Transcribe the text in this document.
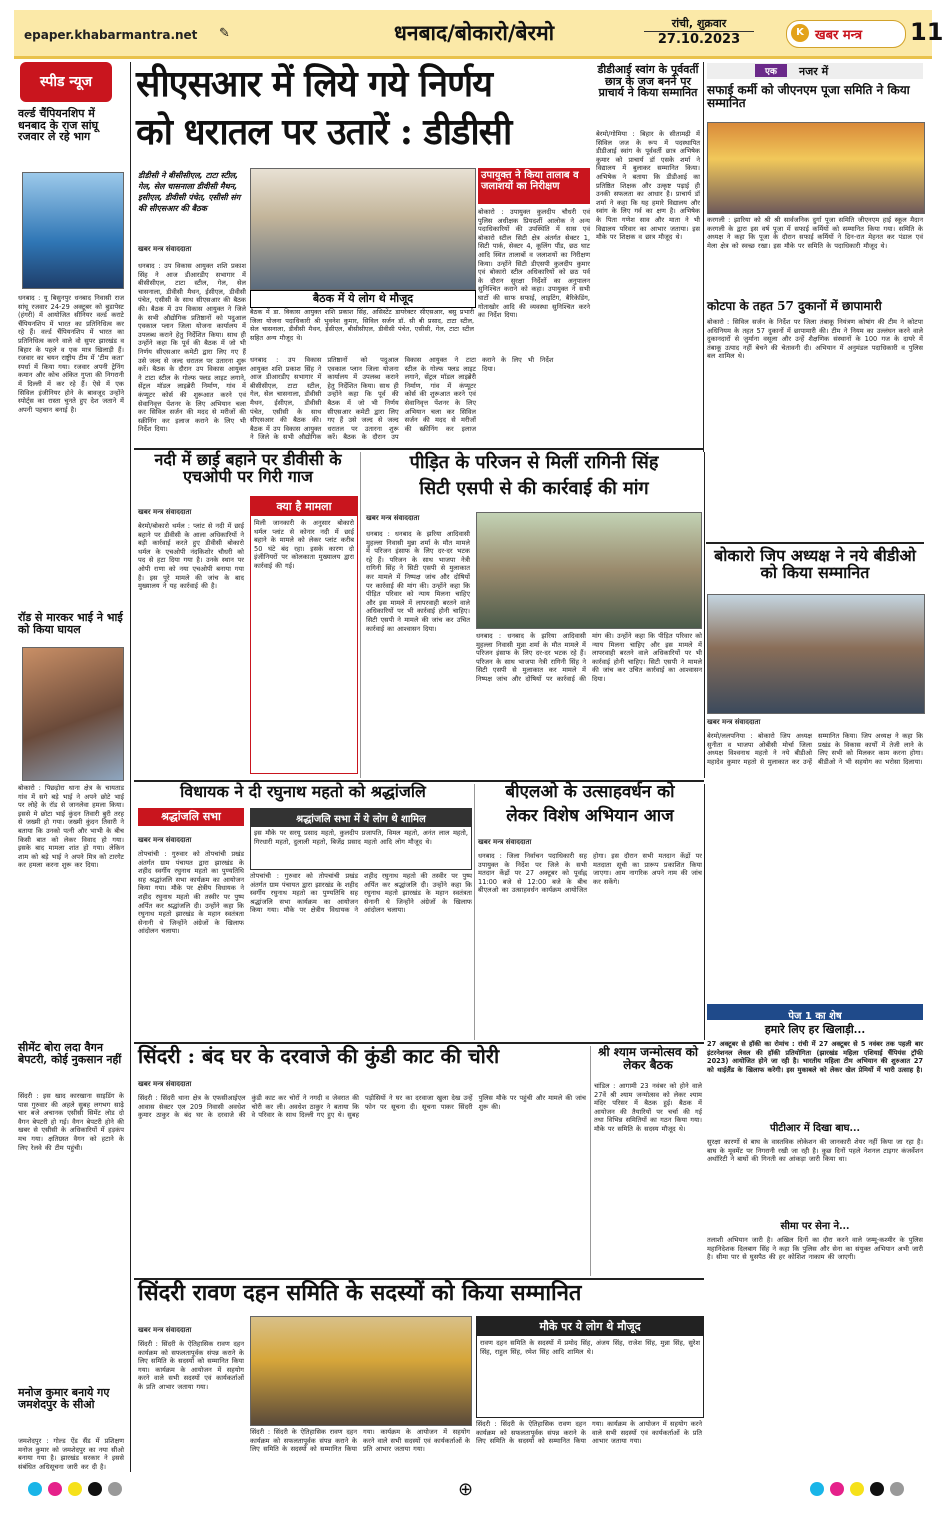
epaper.khabarmantra.net ✎	धनबाद/बोकारो/बेरमो	रांची, शुक्रवार
27.10.2023	K खबर मन्त्र 11
स्पीड न्यूज
वर्ल्ड चैंपियनशिप में धनबाद के राज सांघू रजवार ले रहे भाग
धनबाद : यू बिसुनपुर धनबाद निवासी राज सांघू रजवार 24-29 अक्टूबर को बुडापेस्ट (हंगरी) में आयोजित सीनियर वर्ल्ड कराटे चैंपियनशिप में भारत का प्रतिनिधित्व कर रहे हैं। वर्ल्ड चैंपियनशिप में भारत का प्रतिनिधित्व करने वाले वो सुपर झारखंड व बिहार के पहले व एक मात्र खिलाड़ी हैं। रजवार का चयन राष्ट्रीय टीम में 'टीम कता' स्पर्धा में किया गया। रजवार अपनी ट्रेनिंग कमान और कोच अंकित गुप्ता की निगरानी में दिल्ली में कर रहे हैं। ऐसे में एक सिविल इंजीनियर होने के बावजूद उन्होंने स्पोर्ट्स का रास्ता चुनते हुए देश जताने में अपनी पहचान बनाई है।
रॉड से मारकर भाई ने भाई को किया घायल
बोकारो : पिछड़ोरा थाना क्षेत्र के चायताड गांव में सगे बड़े भाई ने अपने छोटे भाई पर लोहे के रॉड से जानलेवा हमला किया। इससे मे छोटा भाई कुंदन तिवारी बुरी तरह से जख्मी हो गया। जख्मी कुंदन तिवारी ने बताया कि उनको पत्नी और भाभी के बीच किसी बात को लेकर विवाद हो गया। इसके बाद मामला शांत हो गया। लेकिन शाम को बड़े भाई ने अपने मित्र को टारगेट कर हमला करना शुरू कर दिया।
सीमेंट बोरा लदा वैगन बेपटरी, कोई नुकसान नहीं
सिंदरी : इस खाद कारखाना साइडिंग के पास गुरुवार की अहले सुबह लगभग साढ़े चार बजे अचानक एसीसी सिमेंट लोड दो वैगन बेपटरी हो गई। वैगन बेपटरी होने की खबर से एसीसी के अधिकारियों में हड़कंप मच गया। क्षतिग्रस्त वैगन को हटाने के लिए रेलवे की टीम पहुंची।
मनोज कुमार बनाये गए जमशेदपुर के सीओ
जमशेदपुर : गोल्ड ऐंड सैंड में प्रशिक्षण मनोज कुमार को जमशेदपुर का नया सीओ बनाया गया है। झारखंड सरकार ने इससे संबंधित अधिसूचना जारी कर दी है।
सीएसआर में लिये गये निर्णय
को धरातल पर उतारें : डीडीसी
डीडीसी ने बीसीसीएल, टाटा स्टील, गेल, सेल चासनाला डीवीसी मैथन, इसीएल, डीवीसी पंचेत, एसीसी संग की सीएसआर की बैठक
खबर मन्त्र संवाददाता
बैठक में ये लोग थे मौजूद
बैठक में डा. विकास आयुक्त शशि प्रकाश सिंह, असिस्टेंट डायरेक्टर सीएसआर, बसु प्रभारी जिला योजना पदाधिकारी श्री भुवनेश कुमार, सिविल सर्जन डॉ. सी बी प्रसाद, टाटा स्टील, सेल चासनाला, डीवीसी मैथन, ईसीएल, बीसीसीएल, डीवीसी पंचेत, एसीसी, गेल, टाटा स्टील सहित अन्य मौजूद थे।
धनबाद : उप विकास आयुक्त शशि प्रकाश सिंह ने आज डीआरडीए सभागार में बीसीसीएल, टाटा स्टील, गेल, सेल चासनाला, डीवीसी मैथन, ईसीएल, डीवीसी पंचेत, एसीसी के साथ सीएसआर की बैठक की। बैठक में उप विकास आयुक्त ने जिले के सभी औद्योगिक प्रतिष्ठानों को पदुआल एवकाल प्लान जिला योजना कार्यालय में उपलब्ध कराने हेतु निर्देशित किया। साथ ही उन्होंने कहा कि पूर्व की बैठक में जो भी निर्णय सीएसआर कमेटी द्वारा लिए गए हैं उसे जल्द से जल्द धरातल पर उतारना शुरू करें। बैठक के दौरान उप विकास आयुक्त ने टाटा स्टील के गोल्फ फ्लड लाइट लगाने, सेंट्रल मॉडल लाइब्रेरी निर्माण, गांव में कंप्यूटर कोर्स की शुरूआत करने एवं सेवानिवृत्त पेंशनर के लिए अभियान चला कर सिविल सर्जन की मदद से मरीजों की स्क्रीनिंग कर इलाज कराने के लिए भी निर्देश दिया।
धनबाद : उप विकास आयुक्त शशि प्रकाश सिंह ने आज डीआरडीए सभागार में बीसीसीएल, टाटा स्टील, गेल, सेल चासनाला, डीवीसी मैथन, ईसीएल, डीवीसी पंचेत, एसीसी के साथ सीएसआर की बैठक की। बैठक में उप विकास आयुक्त ने जिले के सभी औद्योगिक प्रतिष्ठानों को पदुआल एवकाल प्लान जिला योजना कार्यालय में उपलब्ध कराने हेतु निर्देशित किया। साथ ही उन्होंने कहा कि पूर्व की बैठक में जो भी निर्णय सीएसआर कमेटी द्वारा लिए गए हैं उसे जल्द से जल्द धरातल पर उतारना शुरू करें। बैठक के दौरान उप विकास आयुक्त ने टाटा स्टील के गोल्फ फ्लड लाइट लगाने, सेंट्रल मॉडल लाइब्रेरी निर्माण, गांव में कंप्यूटर कोर्स की शुरूआत करने एवं सेवानिवृत्त पेंशनर के लिए अभियान चला कर सिविल सर्जन की मदद से मरीजों की स्क्रीनिंग कर इलाज कराने के लिए भी निर्देश दिया।
उपायुक्त ने किया तालाब व जलाशयों का निरीक्षण
बोकारो : उपायुक्त कुलदीप चौधरी एवं पुलिस अधीक्षक प्रियदर्शी आलोक ने अन्य पदाधिकारियों की उपस्थिति में सास एवं बोकारो स्टील सिटी क्षेत्र अंतर्गत सेक्टर 1, सिटी पार्क, सेक्टर 4, कूलिंग पौंड, छठ घाट आदि स्थित तालाबों व जलाशयों का निरीक्षण किया। उन्होंने सिटी डीएसपी कुलदीप कुमार एवं बोकारो स्टील अधिकारियों को छठ पर्व के दौरान सुरक्षा निर्देशों का अनुपालन सुनिश्चित कराने को कहा। उपायुक्त ने सभी घाटों की साफ सफाई, लाइटिंग, बैरिकेडिंग, गोताखोर आदि की व्यवस्था सुनिश्चित करने का निर्देश दिया।
डीडीआई स्वांग के पूर्ववर्ती छात्र के जज बनने पर प्राचार्य ने किया सम्मानित
बेरमो/गोमिया : बिहार के सीतामढ़ी में सिविल जज के रूप में पदस्थापित डीडीआई स्वांग के पूर्ववर्ती छात्र अभिषेक कुमार को प्राचार्य डॉ एसके शर्मा ने विद्यालय में बुलाकर सम्मानित किया। अभिषेक ने बताया कि डीडीआई का प्रतिष्ठित शिक्षक और उत्कृष्ट पढ़ाई ही उनकी सफलता का आधार है। प्राचार्य डॉ शर्मा ने कहा कि यह हमारे विद्यालय और स्वांग के लिए गर्व का क्षण है। अभिषेक के पिता गणेश साव और माता ने भी विद्यालय परिवार का आभार जताया। इस मौके पर शिक्षक व छात्र मौजूद थे।
एक	नजर में
सफाई कर्मी को जीएनएम पूजा समिति ने किया सम्मानित
करगली : झारिया को श्री श्री सार्वजनिक दुर्गा पूजा समिति जीएनएम हाई स्कूल मैदान करगली के द्वारा इस वर्ष पूजा में सफाई कर्मियों को सम्मानित किया गया। समिति के अध्यक्ष ने कहा कि पूजा के दौरान सफाई कर्मियों ने दिन-रात मेहनत कर पंडाल एवं मेला क्षेत्र को स्वच्छ रखा। इस मौके पर समिति के पदाधिकारी मौजूद थे।
कोटपा के तहत 57 दुकानों में छापामारी
बोकारो : सिविल सर्जन के निर्देश पर जिला तंबाकू नियंत्रण कोषांग की टीम ने कोटपा अधिनियम के तहत 57 दुकानों में छापामारी की। टीम ने नियम का उल्लंघन करने वाले दुकानदारों से जुर्माना वसूला और उन्हें शैक्षणिक संस्थानों के 100 गज के दायरे में तंबाकू उत्पाद नहीं बेचने की चेतावनी दी। अभियान में अनुमंडल पदाधिकारी व पुलिस बल शामिल थे।
नदी में छाई बहाने पर डीवीसी के एचओपी पर गिरी गाज
क्या है मामला
मिली जानकारी के अनुसार बोकारो थर्मल प्लांट से कोनार नदी में छाई बहाने के मामले को लेकर प्लांट करीब 50 घंटे बंद रहा। इसके कारण दो इंजीनियरों पर कोलकाता मुख्यालय द्वारा कार्रवाई की गई।
खबर मन्त्र संवाददाता
बेरमो/बोकारो थर्मल : प्लांट से नदी में छाई बहाने पर डीवीसी के आला अधिकारियों ने बड़ी कार्रवाई करते हुए डीवीसी बोकारो थर्मल के एचओपी नंदकिशोर चौधरी को पद से हटा दिया गया है। उनके स्थान पर ओपी राणा को नया एचओपी बनाया गया है। इस पूरे मामले की जांच के बाद मुख्यालय ने यह कार्रवाई की है।
पीड़ित के परिजन से मिलीं रागिनी सिंह
सिटी एसपी से की कार्रवाई की मांग
खबर मन्त्र संवाददाता
धनबाद : धनबाद के झरिया आदिवासी मुहल्ला निवासी मुन्ना शर्मा के मौत मामले में परिजन इंसाफ के लिए दर-दर भटक रहे हैं। परिजन के साथ भाजपा नेत्री रागिनी सिंह ने सिटी एसपी से मुलाकात कर मामले में निष्पक्ष जांच और दोषियों पर कार्रवाई की मांग की। उन्होंने कहा कि पीड़ित परिवार को न्याय मिलना चाहिए और इस मामले में लापरवाही बरतने वाले अधिकारियों पर भी कार्रवाई होनी चाहिए। सिटी एसपी ने मामले की जांच कर उचित कार्रवाई का आश्वासन दिया।
धनबाद : धनबाद के झरिया आदिवासी मुहल्ला निवासी मुन्ना शर्मा के मौत मामले में परिजन इंसाफ के लिए दर-दर भटक रहे हैं। परिजन के साथ भाजपा नेत्री रागिनी सिंह ने सिटी एसपी से मुलाकात कर मामले में निष्पक्ष जांच और दोषियों पर कार्रवाई की मांग की। उन्होंने कहा कि पीड़ित परिवार को न्याय मिलना चाहिए और इस मामले में लापरवाही बरतने वाले अधिकारियों पर भी कार्रवाई होनी चाहिए। सिटी एसपी ने मामले की जांच कर उचित कार्रवाई का आश्वासन दिया।
बोकारो जिप अध्यक्ष ने नये बीडीओ को किया सम्मानित
खबर मन्त्र संवाददाता
बेरमो/ललपनिया : बोकारो जिप अध्यक्ष सुनीता व भाजपा ओबीसी मोर्चा जिला अध्यक्ष विश्वनाथ महतो ने नये बीडीओ महादेव कुमार महतो से मुलाकात कर उन्हें सम्मानित किया। जिप अध्यक्ष ने कहा कि प्रखंड के विकास कार्यों में तेजी लाने के लिए सभी को मिलकर काम करना होगा। बीडीओ ने भी सहयोग का भरोसा दिलाया।
विधायक ने दी रघुनाथ महतो को श्रद्धांजलि
श्रद्धांजलि सभा	श्रद्धांजलि सभा में ये लोग थे शामिल
इस मौके पर सरयू प्रसाद महतो, कुलदीप प्रजापति, विमल महतो, अनंत लाल महतो, गिरधारी महतो, दुलाली महतो, बिजेंद्र प्रसाद महतो आदि लोग मौजूद थे।
खबर मन्त्र संवाददाता
तोपचांची : गुरुवार को तोपचांची प्रखंड अंतर्गत ग्राम पंचायत द्वारा झारखंड के शहीद स्वर्गीय रघुनाथ महतो का पुण्यतिथि सह श्रद्धांजलि सभा कार्यक्रम का आयोजन किया गया। मौके पर क्षेत्रीय विधायक ने शहीद रघुनाथ महतो की तस्वीर पर पुष्प अर्पित कर श्रद्धांजलि दी। उन्होंने कहा कि रघुनाथ महतो झारखंड के महान स्वतंत्रता सेनानी थे जिन्होंने अंग्रेजों के खिलाफ आंदोलन चलाया।
तोपचांची : गुरुवार को तोपचांची प्रखंड अंतर्गत ग्राम पंचायत द्वारा झारखंड के शहीद स्वर्गीय रघुनाथ महतो का पुण्यतिथि सह श्रद्धांजलि सभा कार्यक्रम का आयोजन किया गया। मौके पर क्षेत्रीय विधायक ने शहीद रघुनाथ महतो की तस्वीर पर पुष्प अर्पित कर श्रद्धांजलि दी। उन्होंने कहा कि रघुनाथ महतो झारखंड के महान स्वतंत्रता सेनानी थे जिन्होंने अंग्रेजों के खिलाफ आंदोलन चलाया।
बीएलओ के उत्साहवर्धन को
लेकर विशेष अभियान आज
खबर मन्त्र संवाददाता
धनबाद : जिला निर्वाचन पदाधिकारी सह उपायुक्त के निर्देश पर जिले के सभी मतदान केंद्रों पर 27 अक्टूबर को पूर्वाह्न 11:00 बजे से 12:00 बजे के बीच बीएलओ का उत्साहवर्धन कार्यक्रम आयोजित होगा। इस दौरान सभी मतदान केंद्रों पर मतदाता सूची का प्रारूप प्रकाशित किया जाएगा। आम नागरिक अपने नाम की जांच कर सकेंगे।
पेज 1 का शेष
हमारे लिए हर खिलाड़ी...
27 अक्टूबर से हॉकी का रोमांच : रांची में 27 अक्टूबर से 5 नवंबर तक पहली बार इंटरनेशनल लेवल की हॉकी प्रतियोगिता (झारखंड महिला एशियाई चैंपियंस ट्रॉफी 2023) आयोजित होने जा रही है। भारतीय महिला टीम अभियान की शुरुआत 27 को थाईलैंड के खिलाफ करेगी। इस मुकाबले को लेकर खेल प्रेमियों में भारी उत्साह है।
पीटीआर में दिखा बाघ...
सुरक्षा कारणों से बाघ के वास्तविक लोकेशन की जानकारी शेयर नहीं किया जा रहा है। बाघ के मूवमेंट पर निगरानी रखी जा रही है। कुछ दिनों पहले नेशनल टाइगर कंजर्वेशन अथॉरिटी ने बाघों की गिनती का आंकड़ा जारी किया था।
सीमा पर सेना ने...
तलाशी अभियान जारी है। अखिल दिनों का दौरा करने वाले जम्मू-कश्मीर के पुलिस महानिदेशक दिलबाग सिंह ने कहा कि पुलिस और सेना का संयुक्त अभियान अभी जारी है। सीमा पार से घुसपैठ की हर कोशिश नाकाम की जाएगी।
सिंदरी : बंद घर के दरवाजे की कुंडी काट की चोरी
खबर मन्त्र संवाददाता
सिंदरी : सिंदरी थाना क्षेत्र के एफसीआईएल आवास सेक्टर एल 209 निवासी अवधेश कुमार ठाकुर के बंद घर के दरवाजे की कुंडी काट कर चोरों ने नगदी व जेवरात की चोरी कर ली। अवधेश ठाकुर ने बताया कि वे परिवार के साथ दिल्ली गए हुए थे। सुबह पड़ोसियों ने घर का दरवाजा खुला देख उन्हें फोन पर सूचना दी। सूचना पाकर सिंदरी पुलिस मौके पर पहुंची और मामले की जांच शुरू की।
श्री श्याम जन्मोत्सव को लेकर बैठक
चांडिल : आगामी 23 नवंबर को होने वाले 27वें श्री श्याम जन्मोत्सव को लेकर श्याम मंदिर परिसर में बैठक हुई। बैठक में आयोजन की तैयारियों पर चर्चा की गई तथा विभिन्न समितियों का गठन किया गया। मौके पर समिति के सदस्य मौजूद थे।
सिंदरी रावण दहन समिति के सदस्यों को किया सम्मानित
खबर मन्त्र संवाददाता
सिंदरी : सिंदरी के ऐतिहासिक रावण दहन कार्यक्रम को सफलतापूर्वक संपन्न कराने के लिए समिति के सदस्यों को सम्मानित किया गया। कार्यक्रम के आयोजन में सहयोग करने वाले सभी सदस्यों एवं कार्यकर्ताओं के प्रति आभार जताया गया।
सिंदरी : सिंदरी के ऐतिहासिक रावण दहन कार्यक्रम को सफलतापूर्वक संपन्न कराने के लिए समिति के सदस्यों को सम्मानित किया गया। कार्यक्रम के आयोजन में सहयोग करने वाले सभी सदस्यों एवं कार्यकर्ताओं के प्रति आभार जताया गया।
मौके पर ये लोग थे मौजूद
रावण दहन समिति के सदस्यों में प्रमोद सिंह, अंजय सिंह, राजेश सिंह, मुन्ना सिंह, सुरेश सिंह, राहुल सिंह, रमेश सिंह आदि शामिल थे।
सिंदरी : सिंदरी के ऐतिहासिक रावण दहन कार्यक्रम को सफलतापूर्वक संपन्न कराने के लिए समिति के सदस्यों को सम्मानित किया गया। कार्यक्रम के आयोजन में सहयोग करने वाले सभी सदस्यों एवं कार्यकर्ताओं के प्रति आभार जताया गया।
⊕
